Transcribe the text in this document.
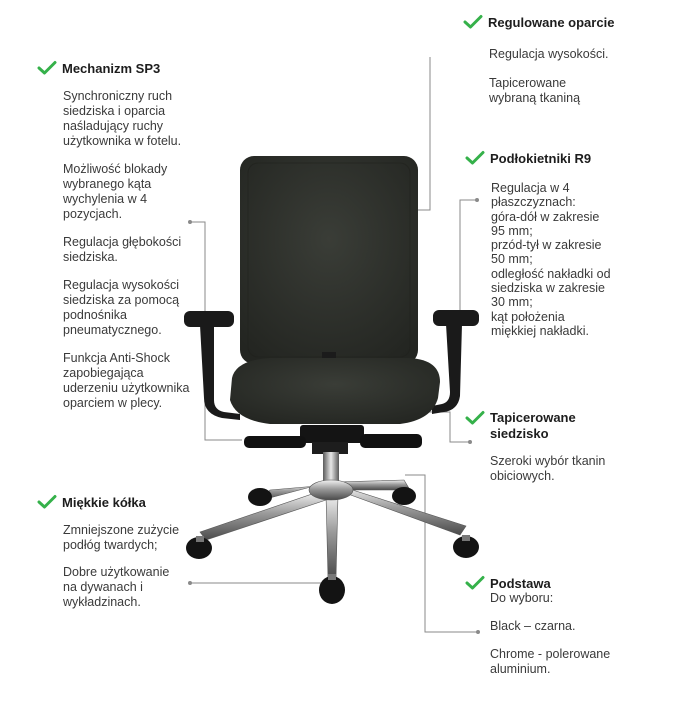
Regulowane oparcie
Regulacja wysokości.
Tapicerowane
wybraną tkaniną
Mechanizm SP3
Synchroniczny ruch
siedziska i oparcia
naśladujący ruchy
użytkownika w fotelu.
Możliwość blokady
wybranego kąta
wychylenia w 4
pozycjach.
Regulacja głębokości
siedziska.
Regulacja wysokości
siedziska za pomocą
podnośnika
pneumatycznego.
Funkcja Anti-Shock
zapobiegająca
uderzeniu użytkownika
oparciem w plecy.
Podłokietniki R9
Regulacja w 4
płaszczyznach:
góra-dół w zakresie
95 mm;
przód-tył w zakresie
50 mm;
odległość nakładki od
siedziska w zakresie
30 mm;
kąt położenia
miękkiej nakładki.
Tapicerowane
siedzisko
Szeroki wybór tkanin
obiciowych.
Miękkie kółka
Zmniejszone zużycie
podłóg twardych;
Dobre użytkowanie
na dywanach i
wykładzinach.
Podstawa
Do wyboru:
Black – czarna.
Chrome - polerowane
aluminium.
